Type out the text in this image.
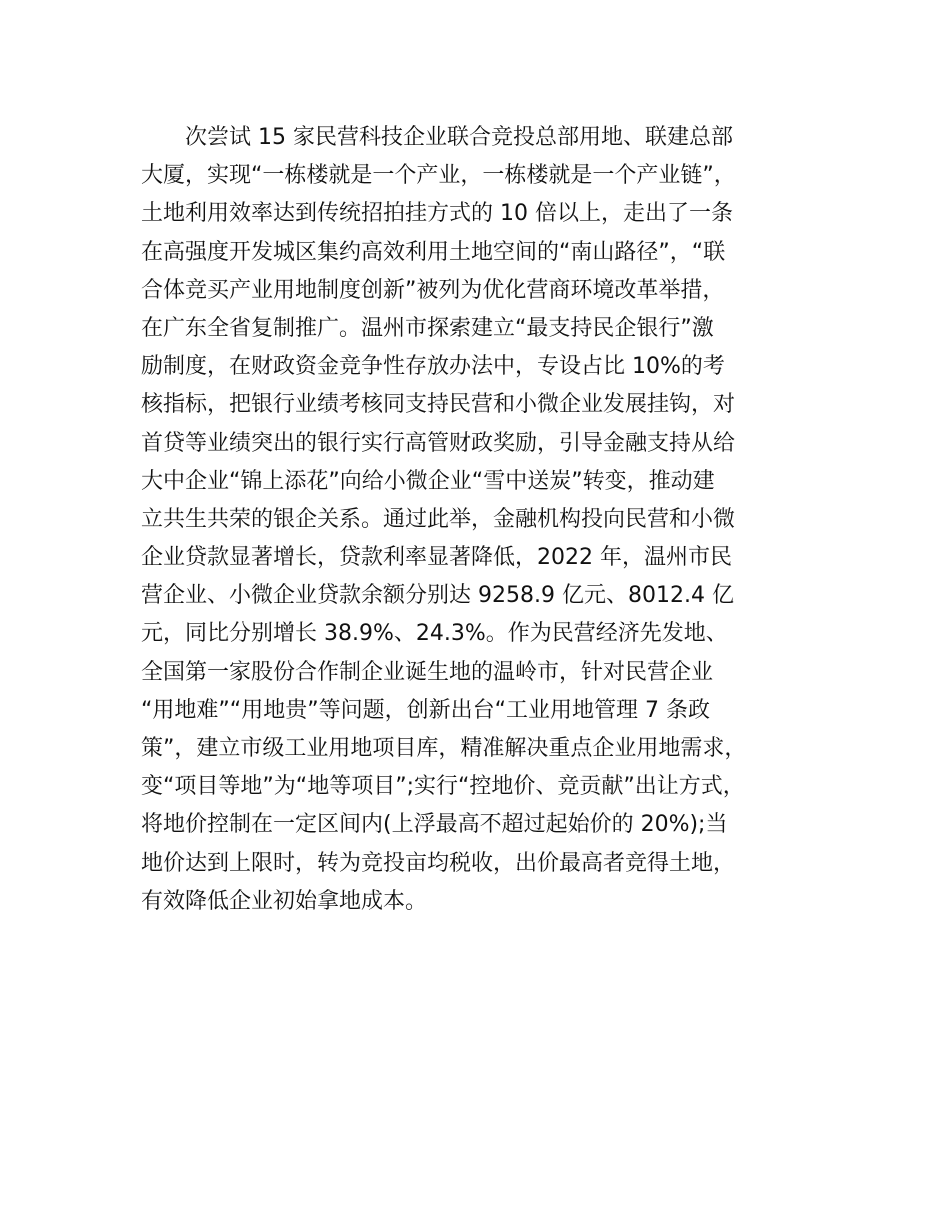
次尝试 15 家民营科技企业联合竞投总部用地、联建总部
大厦，实现“一栋楼就是一个产业，一栋楼就是一个产业链”，
土地利用效率达到传统招拍挂方式的 10 倍以上，走出了一条
在高强度开发城区集约高效利用土地空间的“南山路径”，“联
合体竞买产业用地制度创新”被列为优化营商环境改革举措，
在广东全省复制推广。温州市探索建立“最支持民企银行”激
励制度，在财政资金竞争性存放办法中，专设占比 10%的考
核指标，把银行业绩考核同支持民营和小微企业发展挂钩，对
首贷等业绩突出的银行实行高管财政奖励，引导金融支持从给
大中企业“锦上添花”向给小微企业“雪中送炭”转变，推动建
立共生共荣的银企关系。通过此举，金融机构投向民营和小微
企业贷款显著增长，贷款利率显著降低，2022 年，温州市民
营企业、小微企业贷款余额分别达 9258.9 亿元、8012.4 亿
元，同比分别增长 38.9%、24.3%。作为民营经济先发地、
全国第一家股份合作制企业诞生地的温岭市，针对民营企业
“用地难”“用地贵”等问题，创新出台“工业用地管理 7 条政
策”，建立市级工业用地项目库，精准解决重点企业用地需求，
变“项目等地”为“地等项目”;实行“控地价、竞贡献”出让方式，
将地价控制在一定区间内(上浮最高不超过起始价的 20%);当
地价达到上限时，转为竞投亩均税收，出价最高者竞得土地，
有效降低企业初始拿地成本。
